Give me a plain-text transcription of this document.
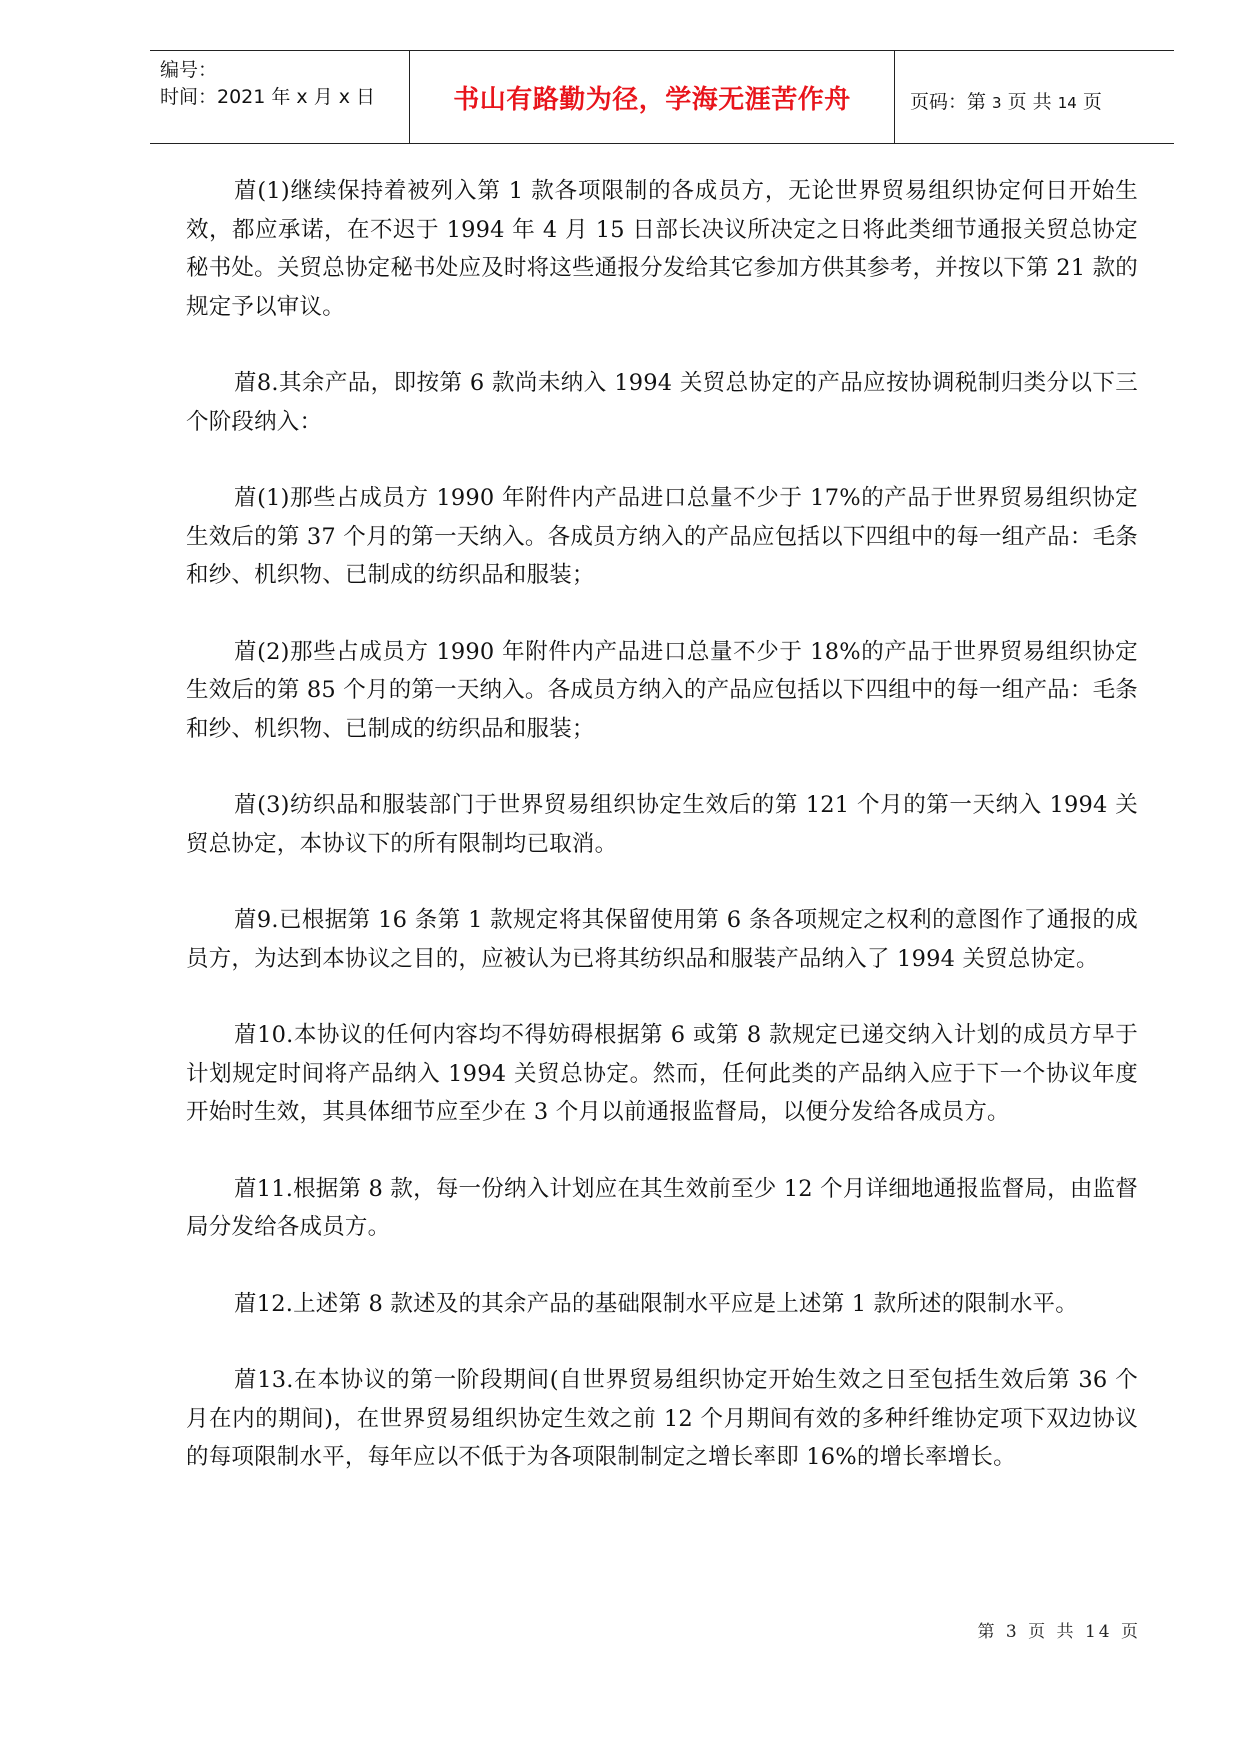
编号：
时间：2021 年 x 月 x 日	书山有路勤为径，学海无涯苦作舟	页码：第 3 页 共 14 页

葿(1)继续保持着被列入第 1 款各项限制的各成员方，无论世界贸易组织协定何日开始生效，都应承诺，在不迟于 1994 年 4 月 15 日部长决议所决定之日将此类细节通报关贸总协定秘书处。关贸总协定秘书处应及时将这些通报分发给其它参加方供其参考，并按以下第 21 款的规定予以审议。

葿8.其余产品，即按第 6 款尚未纳入 1994 关贸总协定的产品应按协调税制归类分以下三个阶段纳入：

葿(1)那些占成员方 1990 年附件内产品进口总量不少于 17%的产品于世界贸易组织协定生效后的第 37 个月的第一天纳入。各成员方纳入的产品应包括以下四组中的每一组产品：毛条和纱、机织物、已制成的纺织品和服装；

葿(2)那些占成员方 1990 年附件内产品进口总量不少于 18%的产品于世界贸易组织协定生效后的第 85 个月的第一天纳入。各成员方纳入的产品应包括以下四组中的每一组产品：毛条和纱、机织物、已制成的纺织品和服装；

葿(3)纺织品和服装部门于世界贸易组织协定生效后的第 121 个月的第一天纳入 1994 关贸总协定，本协议下的所有限制均已取消。

葿9.已根据第 16 条第 1 款规定将其保留使用第 6 条各项规定之权利的意图作了通报的成员方，为达到本协议之目的，应被认为已将其纺织品和服装产品纳入了 1994 关贸总协定。

葿10.本协议的任何内容均不得妨碍根据第 6 或第 8 款规定已递交纳入计划的成员方早于计划规定时间将产品纳入 1994 关贸总协定。然而，任何此类的产品纳入应于下一个协议年度开始时生效，其具体细节应至少在 3 个月以前通报监督局，以便分发给各成员方。

葿11.根据第 8 款，每一份纳入计划应在其生效前至少 12 个月详细地通报监督局，由监督局分发给各成员方。

葿12.上述第 8 款述及的其余产品的基础限制水平应是上述第 1 款所述的限制水平。

葿13.在本协议的第一阶段期间(自世界贸易组织协定开始生效之日至包括生效后第 36 个月在内的期间)，在世界贸易组织协定生效之前 12 个月期间有效的多种纤维协定项下双边协议的每项限制水平，每年应以不低于为各项限制制定之增长率即 16%的增长率增长。

第 3 页 共 14 页
